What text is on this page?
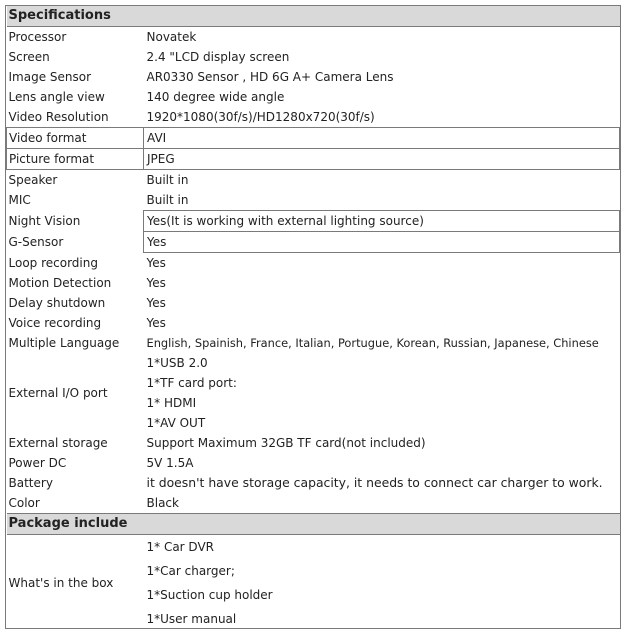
Specifications	
Processor	Novatek
Screen	2.4 "LCD display screen
Image Sensor	AR0330 Sensor , HD 6G A+ Camera Lens
Lens angle view	140 degree wide angle
Video Resolution	1920*1080(30f/s)/HD1280x720(30f/s)
Video format	AVI
Picture format	JPEG
Speaker	Built in
MIC	Built in
Night Vision	Yes(It is working with external lighting source)
G-Sensor	Yes
Loop recording	Yes
Motion Detection	Yes
Delay shutdown	Yes
Voice recording	Yes
Multiple Language	English, Spainish, France, Italian, Portugue, Korean, Russian, Japanese, Chinese
External I/O port	1*USB 2.0
1*TF card port:
1* HDMI
1*AV OUT

External storage	Support Maximum 32GB TF card(not included)
Power DC	5V 1.5A
Battery	it doesn't have storage capacity, it needs to connect car charger to work.
Color	Black
Package include	
What's in the box	1* Car DVR
1*Car charger;
1*Suction cup holder
1*User manual
